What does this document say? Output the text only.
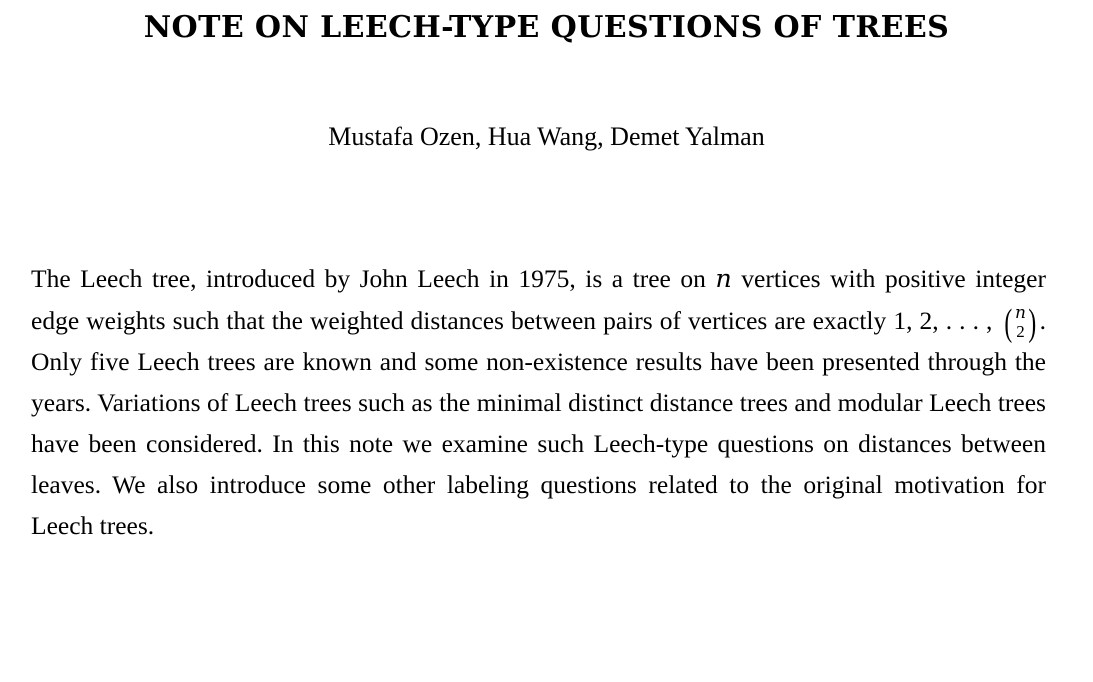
NOTE ON LEECH-TYPE QUESTIONS OF TREES

Mustafa Ozen, Hua Wang, Demet Yalman

The Leech tree, introduced by John Leech in 1975, is a tree on n vertices with positive integer edge weights such that the weighted distances between pairs of vertices are exactly 1, 2, . . . , ( n
2) . Only five Leech trees are known and some non-existence results have been presented through the years. Variations of Leech trees such as the minimal distinct distance trees and modular Leech trees have been considered. In this note we examine such Leech-type questions on distances between leaves. We also introduce some other labeling questions related to the original motivation for Leech trees.
